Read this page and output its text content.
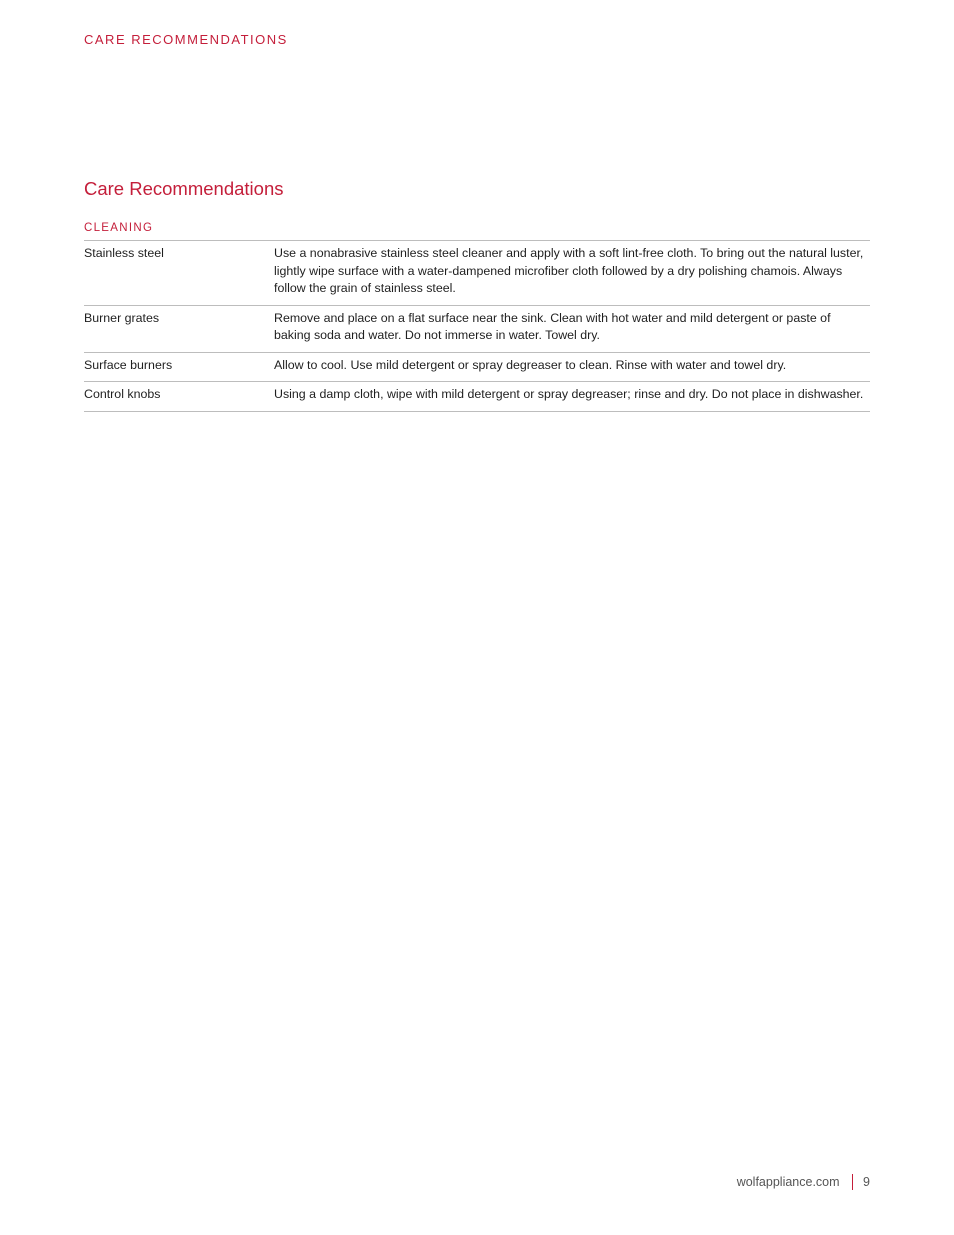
CARE RECOMMENDATIONS
Care Recommendations
CLEANING
Stainless steel	Use a nonabrasive stainless steel cleaner and apply with a soft lint-free cloth. To bring out the natural luster, lightly wipe surface with a water-dampened microfiber cloth followed by a dry polishing chamois. Always follow the grain of stainless steel.
Burner grates	Remove and place on a flat surface near the sink. Clean with hot water and mild detergent or paste of baking soda and water. Do not immerse in water. Towel dry.
Surface burners	Allow to cool. Use mild detergent or spray degreaser to clean. Rinse with water and towel dry.
Control knobs	Using a damp cloth, wipe with mild detergent or spray degreaser; rinse and dry. Do not place in dishwasher.
wolfappliance.com 9
